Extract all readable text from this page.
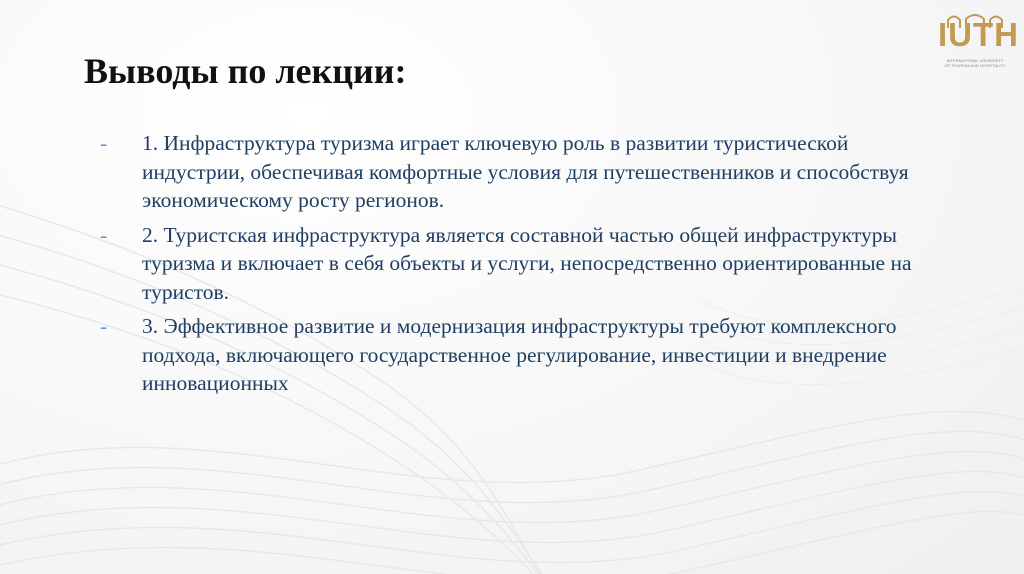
Выводы по лекции:
- 1. Инфраструктура туризма играет ключевую роль в развитии туристической индустрии, обеспечивая комфортные условия для путешественников и способствуя экономическому росту регионов.
- 2. Туристская инфраструктура является составной частью общей инфраструктуры туризма и включает в себя объекты и услуги, непосредственно ориентированные на туристов.
- 3. Эффективное развитие и модернизация инфраструктуры требуют комплексного подхода, включающего государственное регулирование, инвестиции и внедрение инновационных
IUTH
INTERNATIONAL UNIVERSITY
OF TOURISM AND HOSPITALITY
